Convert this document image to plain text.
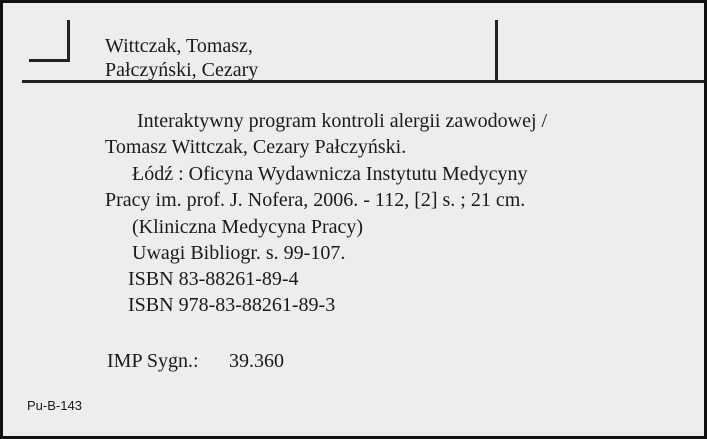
Wittczak, Tomasz,
Pałczyński, Cezary
Interaktywny program kontroli alergii zawodowej /
Tomasz Wittczak, Cezary Pałczyński.
Łódź : Oficyna Wydawnicza Instytutu Medycyny
Pracy im. prof. J. Nofera, 2006. - 112, [2] s. ; 21 cm.
(Kliniczna Medycyna Pracy)
Uwagi Bibliogr. s. 99-107.
ISBN 83-88261-89-4
ISBN 978-83-88261-89-3
IMP Sygn.: 39.360
Pu-B-143
